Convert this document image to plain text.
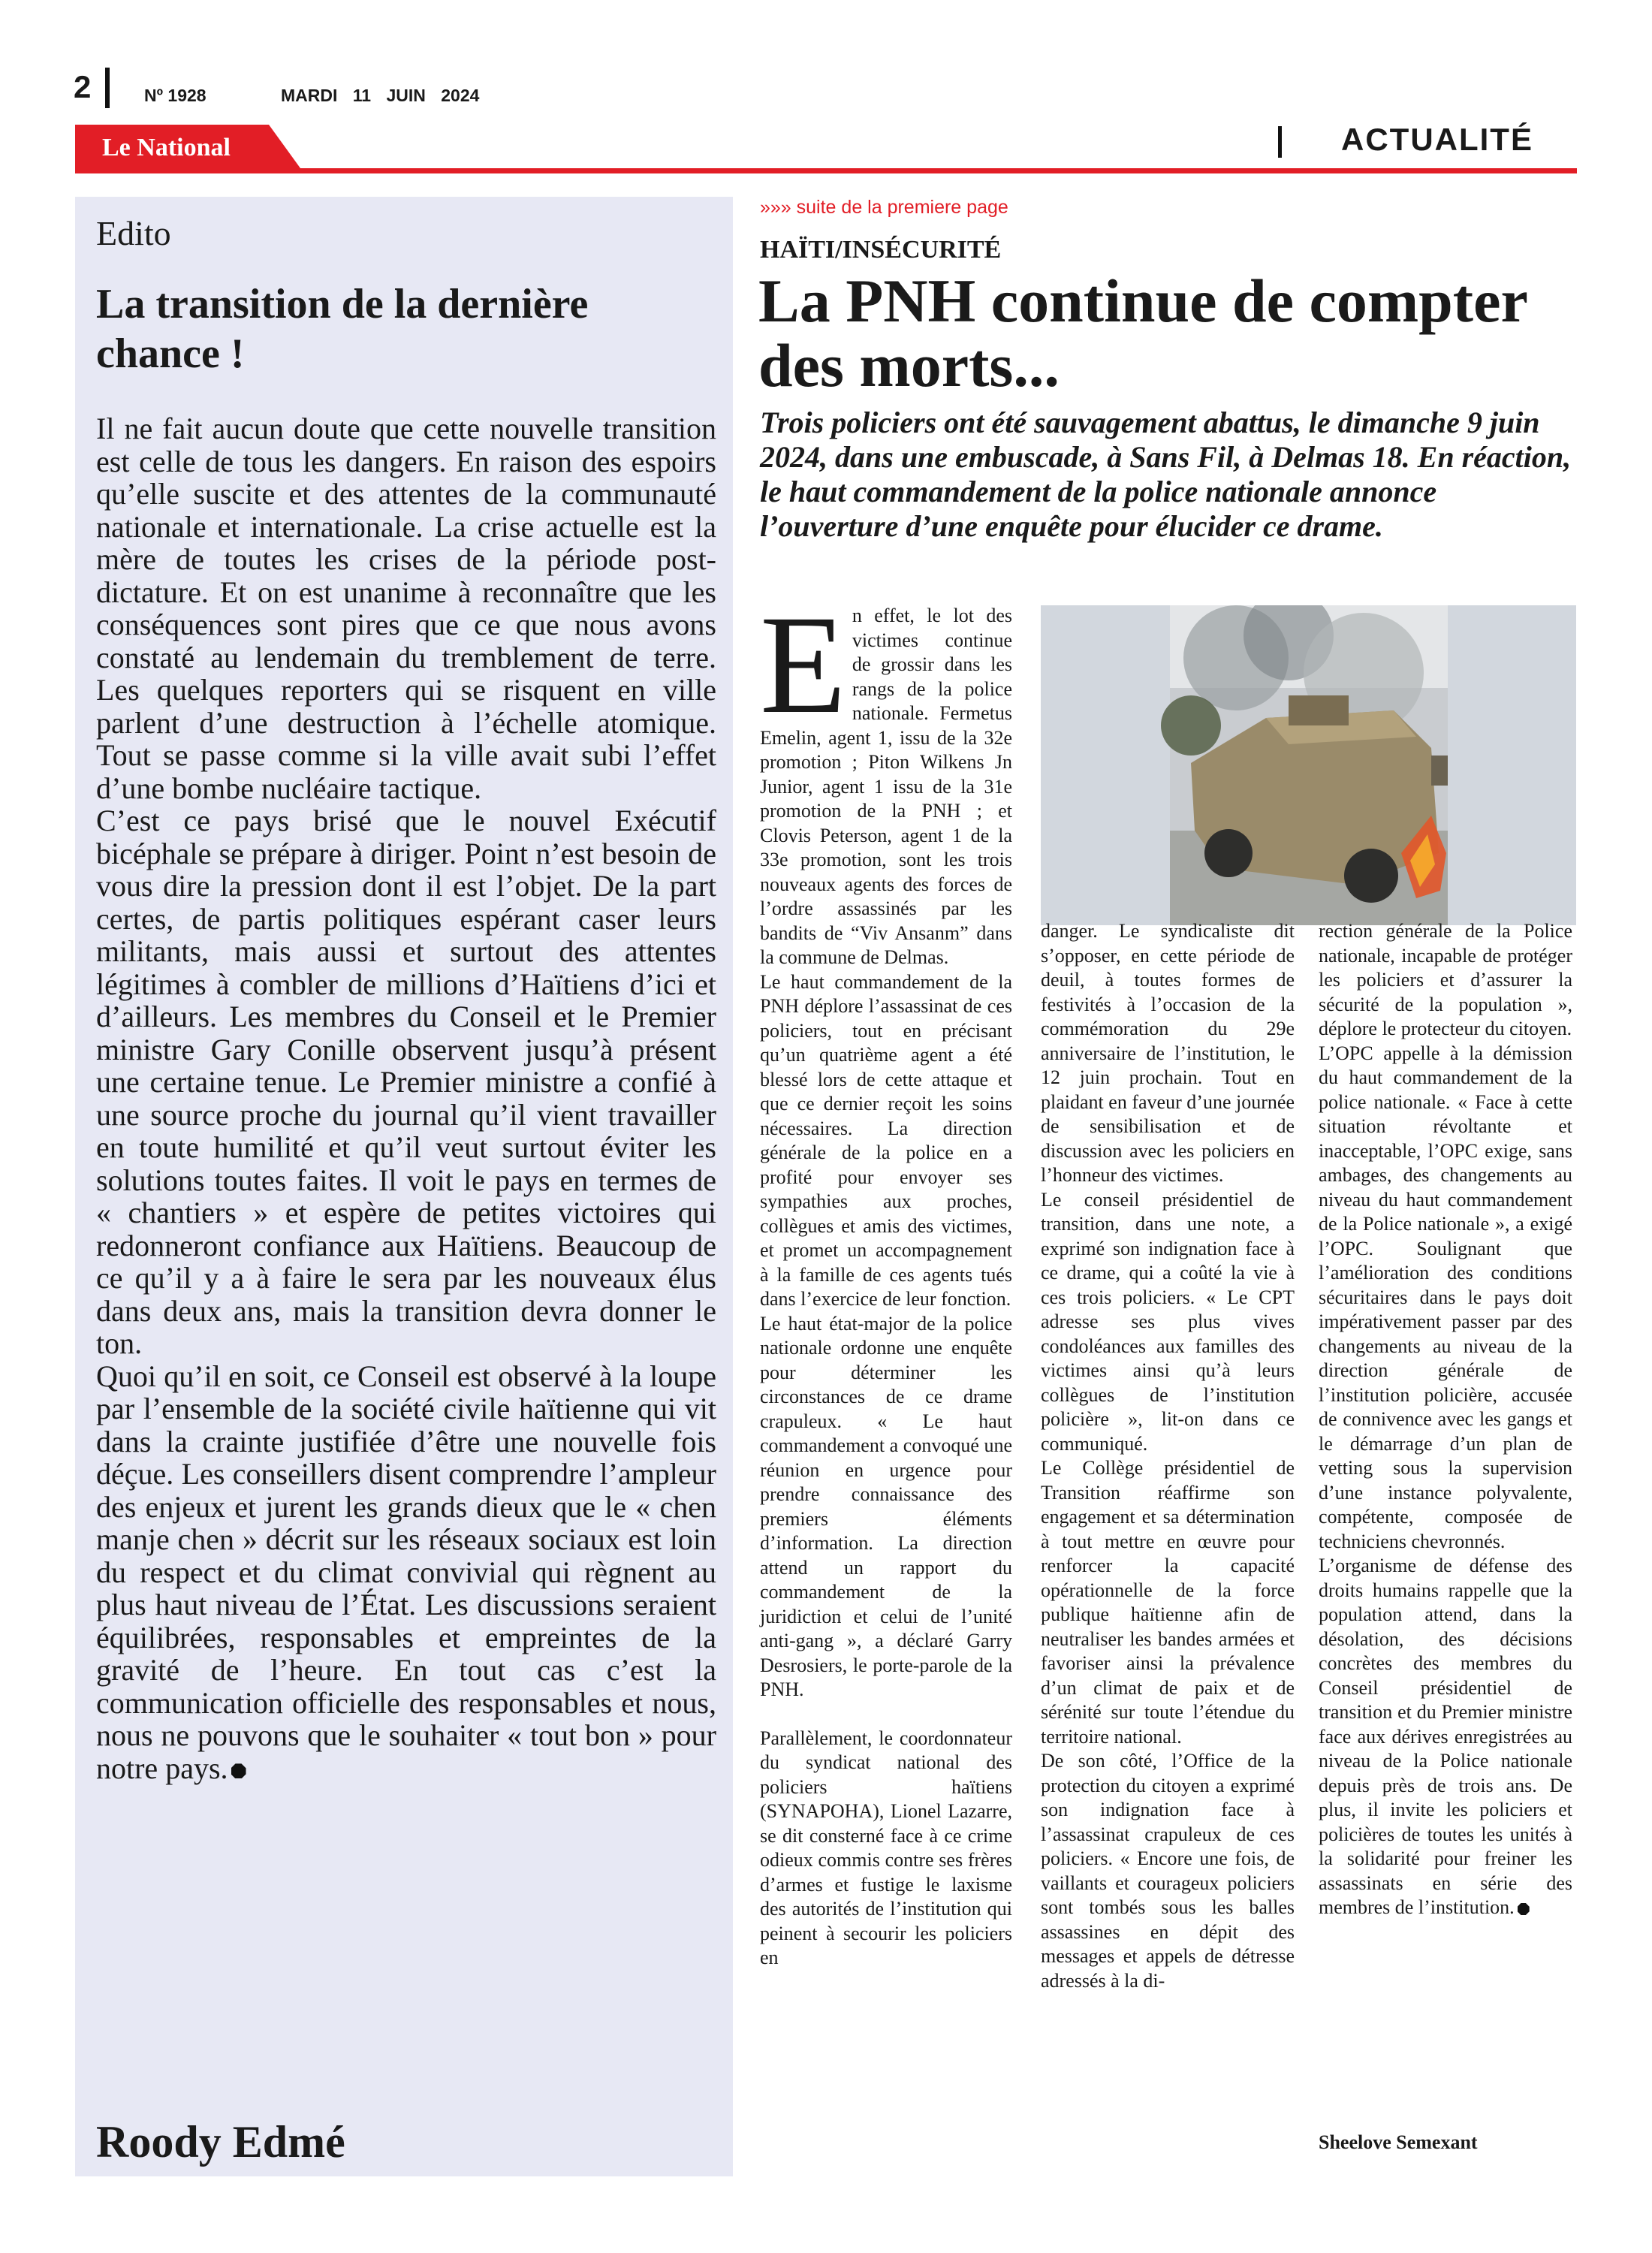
2	Nº 1928	MARDI 11 JUIN 2024
Le National	ACTUALITÉ
Edito
La transition de la dernière chance !

Il ne fait aucun doute que cette nouvelle transition est celle de tous les dangers. En raison des espoirs qu’elle suscite et des attentes de la communauté nationale et internationale. La crise actuelle est la mère de toutes les crises de la période post-dictature. Et on est unanime à reconnaître que les conséquences sont pires que ce que nous avons constaté au lendemain du tremblement de terre. Les quelques reporters qui se risquent en ville parlent d’une destruction à l’échelle atomique. Tout se passe comme si la ville avait subi l’effet d’une bombe nucléaire tactique.

C’est ce pays brisé que le nouvel Exécutif bicéphale se prépare à diriger. Point n’est besoin de vous dire la pression dont il est l’objet. De la part certes, de partis politiques espérant caser leurs militants, mais aussi et surtout des attentes légitimes à combler de millions d’Haïtiens d’ici et d’ailleurs. Les membres du Conseil et le Premier ministre Gary Conille observent jusqu’à présent une certaine tenue. Le Premier ministre a confié à une source proche du journal qu’il vient travailler en toute humilité et qu’il veut surtout éviter les solutions toutes faites. Il voit le pays en termes de « chantiers » et espère de petites victoires qui redonneront confiance aux Haïtiens. Beaucoup de ce qu’il y a à faire le sera par les nouveaux élus dans deux ans, mais la transition devra donner le ton.

Quoi qu’il en soit, ce Conseil est observé à la loupe par l’ensemble de la société civile haïtienne qui vit dans la crainte justifiée d’être une nouvelle fois déçue. Les conseillers disent comprendre l’ampleur des enjeux et jurent les grands dieux que le « chen manje chen » décrit sur les réseaux sociaux est loin du respect et du climat convivial qui règnent au plus haut niveau de l’État. Les discussions seraient équilibrées, responsables et empreintes de la gravité de l’heure. En tout cas c’est la communication officielle des responsables et nous, nous ne pouvons que le souhaiter « tout bon » pour notre pays.

Roody Edmé
»»» suite de la premiere page
HAÏTI/INSÉCURITÉ
La PNH continue de compter des morts...
Trois policiers ont été sauvagement abattus, le dimanche 9 juin 2024, dans une embuscade, à Sans Fil, à Delmas 18. En réaction, le haut commandement de la police nationale annonce l’ouverture d’une enquête pour élucider ce drame.

En effet, le lot des victimes continue de grossir dans les rangs de la police nationale. Fermetus Emelin, agent 1, issu de la 32e promotion ; Piton Wilkens Jn Junior, agent 1 issu de la 31e promotion de la PNH ; et Clovis Peterson, agent 1 de la 33e promotion, sont les trois nouveaux agents des forces de l’ordre assassinés par les bandits de “Viv Ansanm” dans la commune de Delmas.

Le haut commandement de la PNH déplore l’assassinat de ces policiers, tout en précisant qu’un quatrième agent a été blessé lors de cette attaque et que ce dernier reçoit les soins nécessaires. La direction générale de la police en a profité pour envoyer ses sympathies aux proches, collègues et amis des victimes, et promet un accompagnement à la famille de ces agents tués dans l’exercice de leur fonction.

Le haut état-major de la police nationale ordonne une enquête pour déterminer les circonstances de ce drame crapuleux. « Le haut commandement a convoqué une réunion en urgence pour prendre connaissance des premiers éléments d’information. La direction attend un rapport du commandement de la juridiction et celui de l’unité anti-gang », a déclaré Garry Desrosiers, le porte-parole de la PNH.

Parallèlement, le coordonnateur du syndicat national des policiers haïtiens (SYNAPOHA), Lionel Lazarre, se dit consterné face à ce crime odieux commis contre ses frères d’armes et fustige le laxisme des autorités de l’institution qui peinent à secourir les policiers en

danger. Le syndicaliste dit s’opposer, en cette période de deuil, à toutes formes de festivités à l’occasion de la commémoration du 29e anniversaire de l’institution, le 12 juin prochain. Tout en plaidant en faveur d’une journée de sensibilisation et de discussion avec les policiers en l’honneur des victimes.

Le conseil présidentiel de transition, dans une note, a exprimé son indignation face à ce drame, qui a coûté la vie à ces trois policiers. « Le CPT adresse ses plus vives condoléances aux familles des victimes ainsi qu’à leurs collègues de l’institution policière », lit-on dans ce communiqué.

Le Collège présidentiel de Transition réaffirme son engagement et sa détermination à tout mettre en œuvre pour renforcer la capacité opérationnelle de la force publique haïtienne afin de neutraliser les bandes armées et favoriser ainsi la prévalence d’un climat de paix et de sérénité sur toute l’étendue du territoire national.

De son côté, l’Office de la protection du citoyen a exprimé son indignation face à l’assassinat crapuleux de ces policiers. « Encore une fois, de vaillants et courageux policiers sont tombés sous les balles assassines en dépit des messages et appels de détresse adressés à la di-

rection générale de la Police nationale, incapable de protéger les policiers et d’assurer la sécurité de la population », déplore le protecteur du citoyen.

L’OPC appelle à la démission du haut commandement de la police nationale. « Face à cette situation révoltante et inacceptable, l’OPC exige, sans ambages, des changements au niveau du haut commandement de la Police nationale », a exigé l’OPC. Soulignant que l’amélioration des conditions sécuritaires dans le pays doit impérativement passer par des changements au niveau de la direction générale de l’institution policière, accusée de connivence avec les gangs et le démarrage d’un plan de vetting sous la supervision d’une instance polyvalente, compétente, composée de techniciens chevronnés.

L’organisme de défense des droits humains rappelle que la population attend, dans la désolation, des décisions concrètes des membres du Conseil présidentiel de transition et du Premier ministre face aux dérives enregistrées au niveau de la Police nationale depuis près de trois ans. De plus, il invite les policiers et policières de toutes les unités à la solidarité pour freiner les assassinats en série des membres de l’institution.

Sheelove Semexant
